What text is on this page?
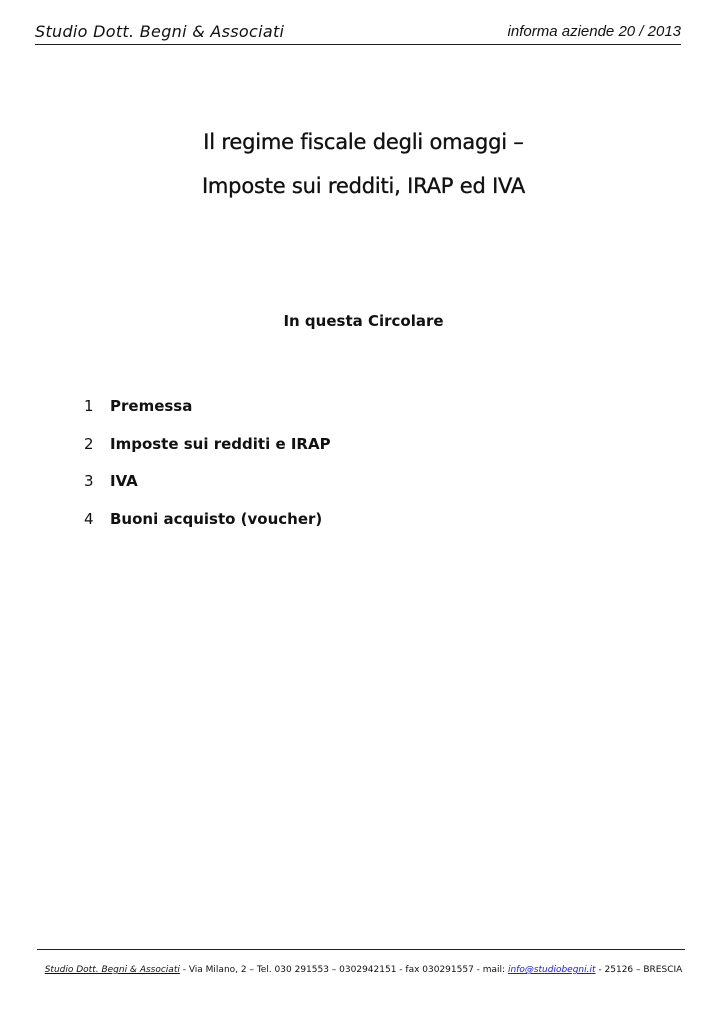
Studio Dott. Begni & Associati	informa aziende 20 / 2013
Il regime fiscale degli omaggi –
Imposte sui redditi, IRAP ed IVA
In questa Circolare
1	Premessa
2	Imposte sui redditi e IRAP
3	IVA
4	Buoni acquisto (voucher)
Studio Dott. Begni & Associati - Via Milano, 2 – Tel. 030 291553 – 0302942151 - fax 030291557 - mail: info@studiobegni.it - 25126 – BRESCIA
